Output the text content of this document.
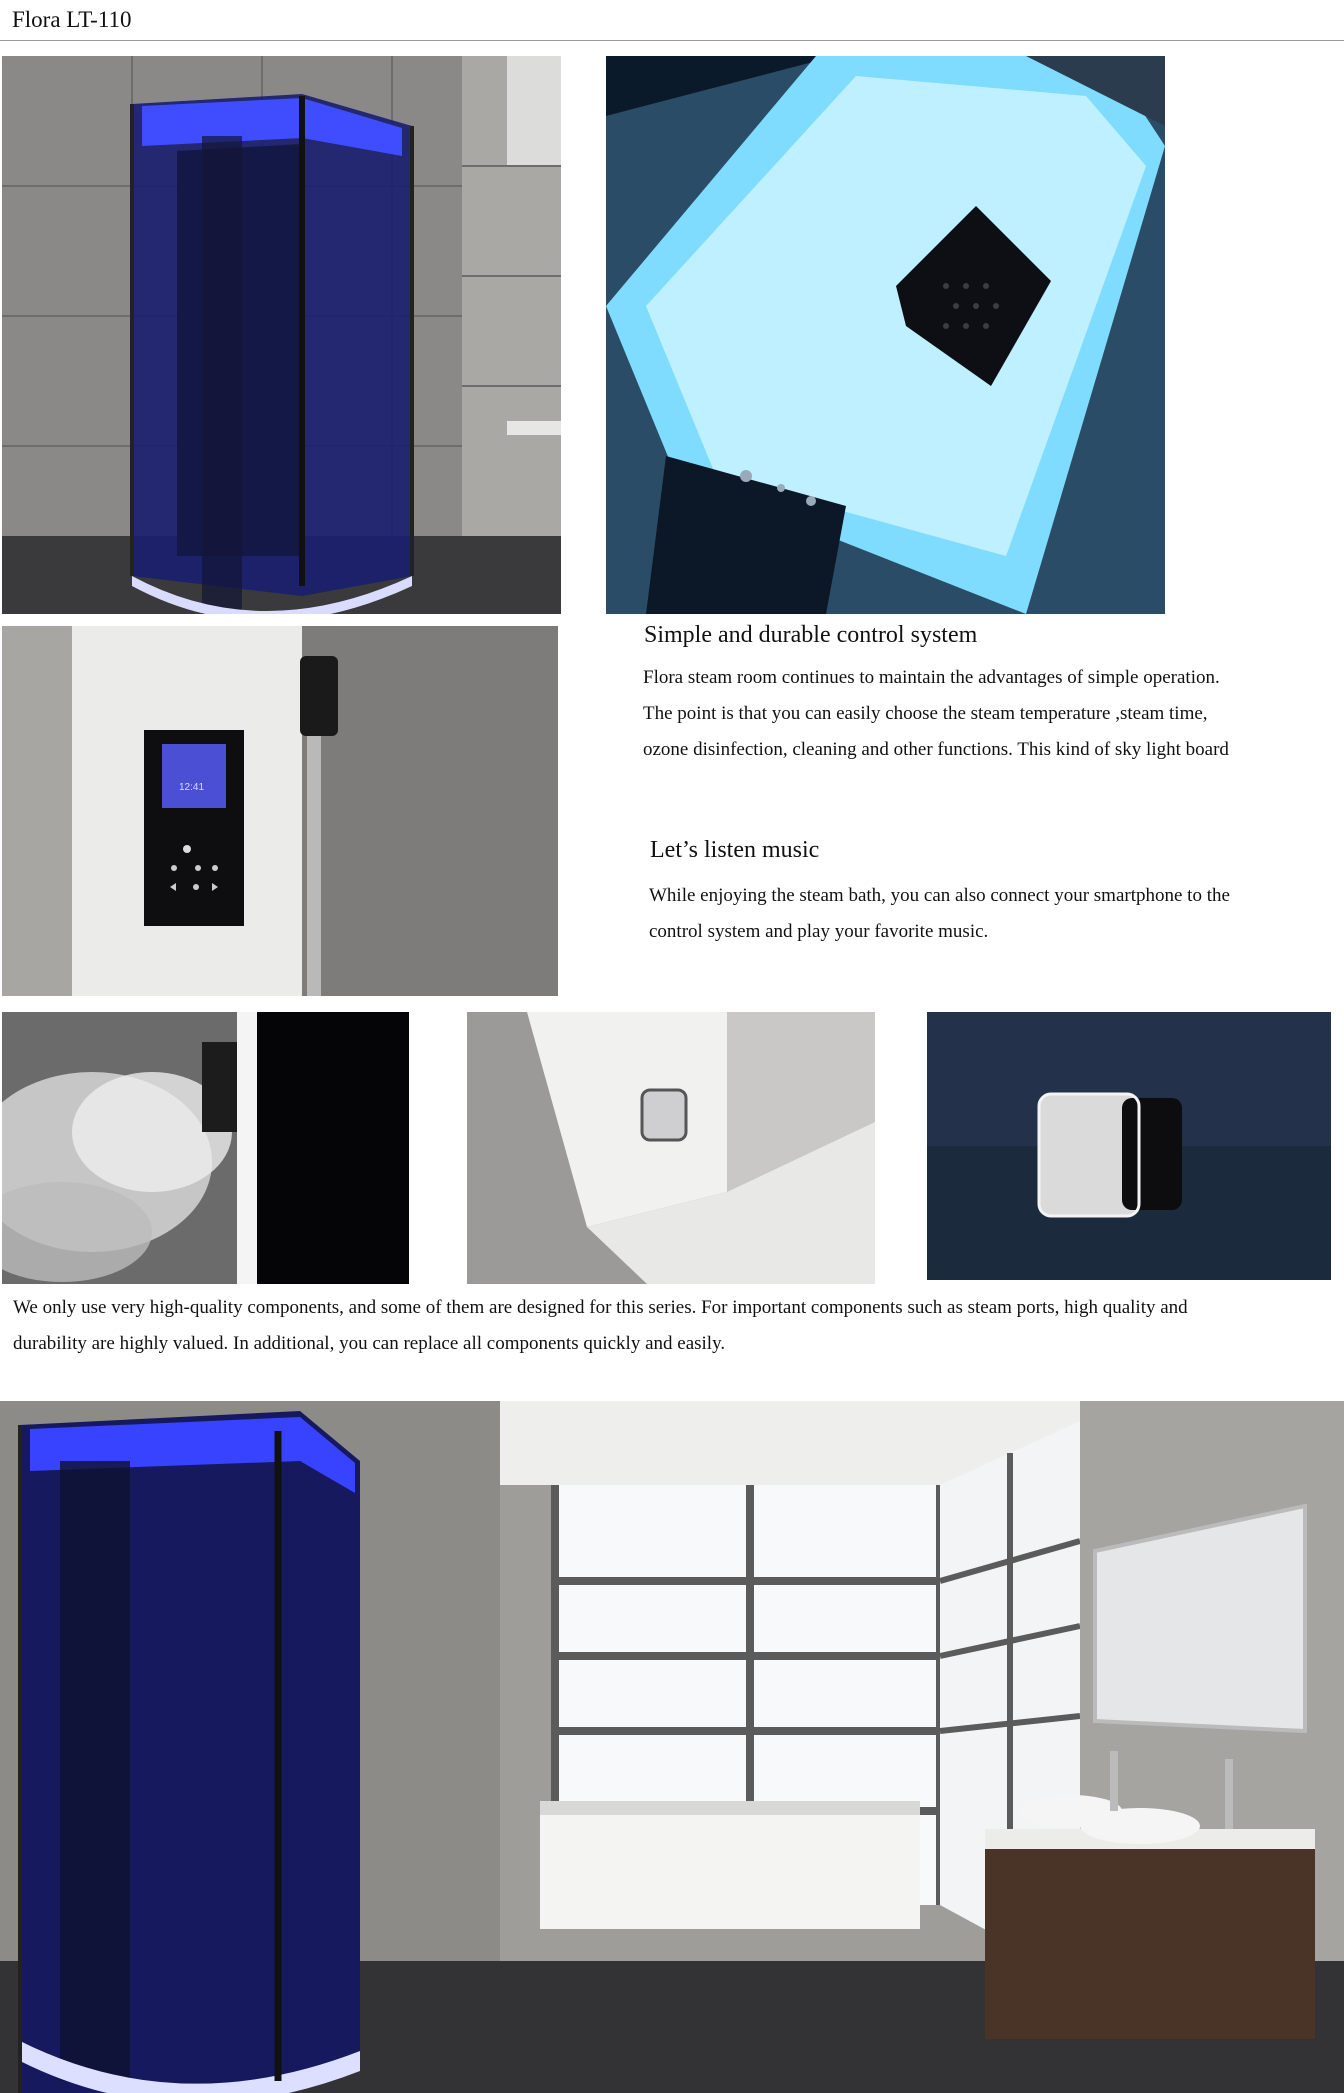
Flora LT-110
12:41
Simple and durable control system
Flora steam room continues to maintain the advantages of simple operation.
The point is that you can easily choose the steam temperature ,steam time,
ozone disinfection, cleaning and other functions. This kind of sky light board
Let’s listen music
While enjoying the steam bath, you can also connect your smartphone to the
control system and play your favorite music.
We only use very high-quality components, and some of them are designed for this series. For important components such as steam ports, high quality and
durability are highly valued. In additional, you can replace all components quickly and easily.
